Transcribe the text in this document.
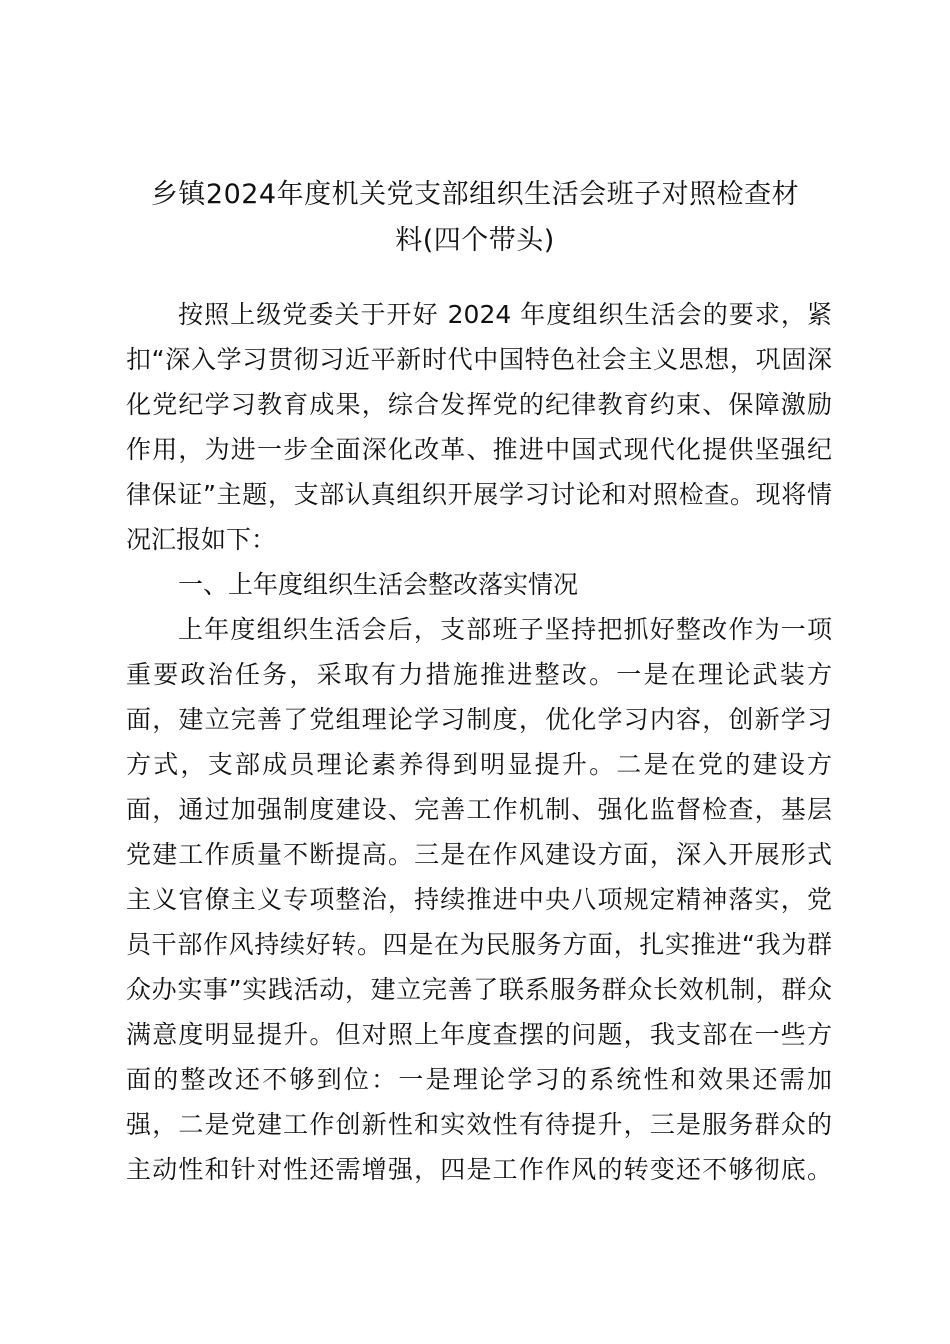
乡镇2024年度机关党支部组织生活会班子对照检查材
料(四个带头)
按照上级党委关于开好 2024 年度组织生活会的要求，紧
扣“深入学习贯彻习近平新时代中国特色社会主义思想，巩固深
化党纪学习教育成果，综合发挥党的纪律教育约束、保障激励
作用，为进一步全面深化改革、推进中国式现代化提供坚强纪
律保证”主题，支部认真组织开展学习讨论和对照检查。现将情
况汇报如下：
一、上年度组织生活会整改落实情况
上年度组织生活会后，支部班子坚持把抓好整改作为一项
重要政治任务，采取有力措施推进整改。一是在理论武装方
面，建立完善了党组理论学习制度，优化学习内容，创新学习
方式，支部成员理论素养得到明显提升。二是在党的建设方
面，通过加强制度建设、完善工作机制、强化监督检查，基层
党建工作质量不断提高。三是在作风建设方面，深入开展形式
主义官僚主义专项整治，持续推进中央八项规定精神落实，党
员干部作风持续好转。四是在为民服务方面，扎实推进“我为群
众办实事”实践活动，建立完善了联系服务群众长效机制，群众
满意度明显提升。但对照上年度查摆的问题，我支部在一些方
面的整改还不够到位：一是理论学习的系统性和效果还需加
强，二是党建工作创新性和实效性有待提升，三是服务群众的
主动性和针对性还需增强，四是工作作风的转变还不够彻底。
